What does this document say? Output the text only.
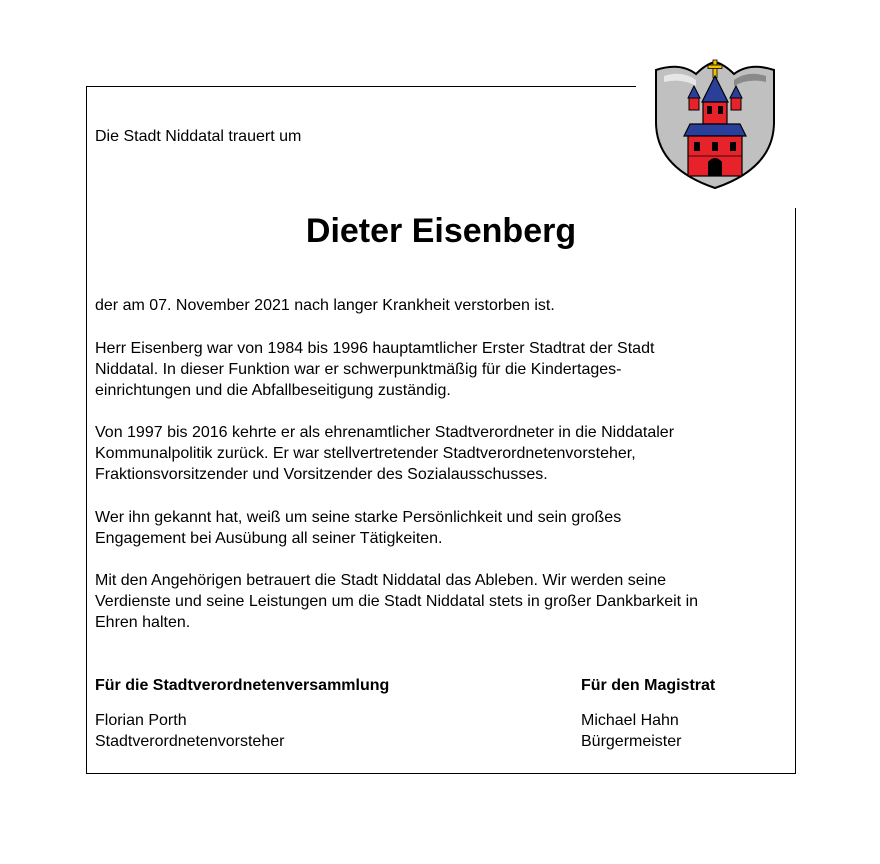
Die Stadt Niddatal trauert um
Dieter Eisenberg
der am 07. November 2021 nach langer Krankheit verstorben ist.
Herr Eisenberg war von 1984 bis 1996 hauptamtlicher Erster Stadtrat der Stadt
Niddatal. In dieser Funktion war er schwerpunktmäßig für die Kindertages-
einrichtungen und die Abfallbeseitigung zuständig.
Von 1997 bis 2016 kehrte er als ehrenamtlicher Stadtverordneter in die Niddataler
Kommunalpolitik zurück. Er war stellvertretender Stadtverordnetenvorsteher,
Fraktionsvorsitzender und Vorsitzender des Sozialausschusses.
Wer ihn gekannt hat, weiß um seine starke Persönlichkeit und sein großes
Engagement bei Ausübung all seiner Tätigkeiten.
Mit den Angehörigen betrauert die Stadt Niddatal das Ableben. Wir werden seine
Verdienste und seine Leistungen um die Stadt Niddatal stets in großer Dankbarkeit in
Ehren halten.
Für die Stadtverordnetenversammlung	Für den Magistrat
Florian Porth
Stadtverordnetenvorsteher
Michael Hahn
Bürgermeister
